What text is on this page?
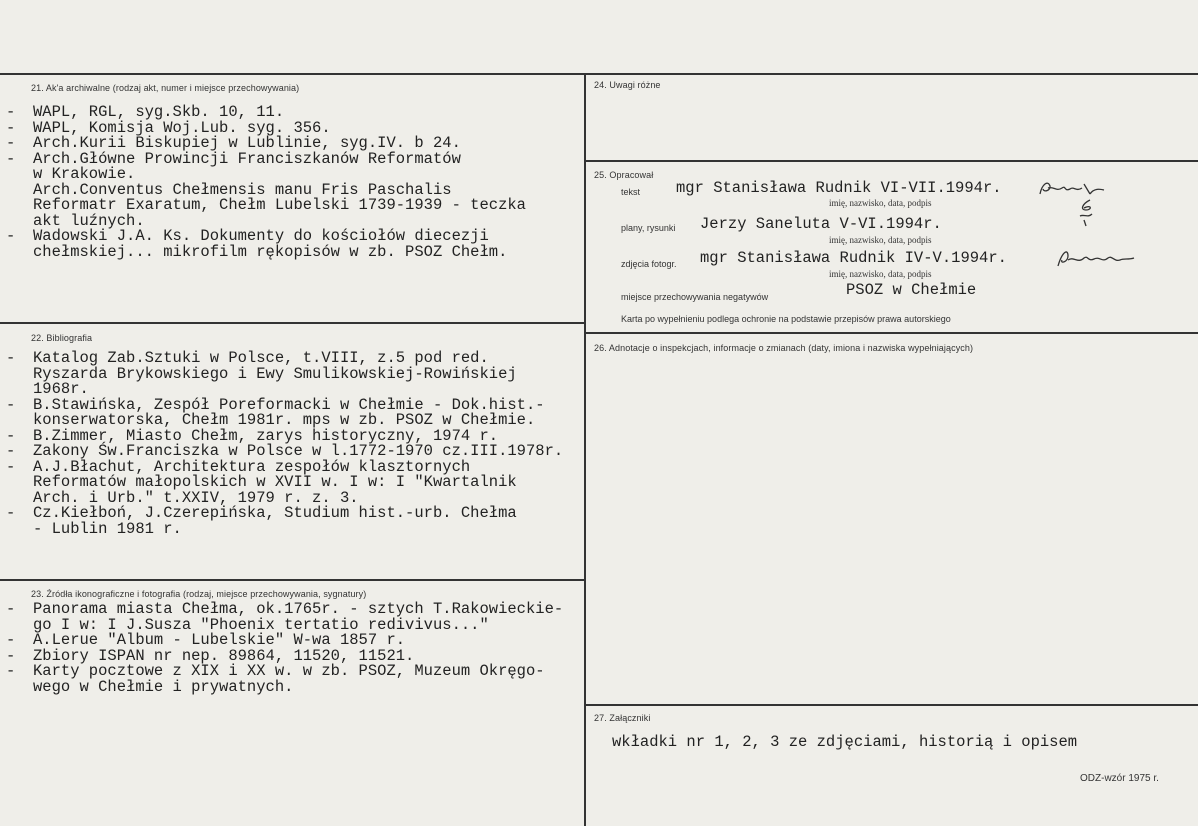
21. Ak'a archiwalne (rodzaj akt, numer i miejsce przechowywania)
-	WAPL, RGL, syg.Skb. 10, 11.
-	WAPL, Komisja Woj.Lub. syg. 356.
-	Arch.Kurii Biskupiej w Lublinie, syg.IV. b 24.
-	Arch.Główne Prowincji Franciszkanów Reformatów
w Krakowie.
Arch.Conventus Chełmensis manu Fris Paschalis
Reformatr Exaratum, Chełm Lubelski 1739-1939 - teczka
akt luźnych.
-	Wadowski J.A. Ks. Dokumenty do kościołów diecezji
chełmskiej... mikrofilm rękopisów w zb. PSOZ Chełm.
22. Bibliografia
-	Katalog Zab.Sztuki w Polsce, t.VIII, z.5 pod red.
Ryszarda Brykowskiego i Ewy Smulikowskiej-Rowińskiej
1968r.
-	B.Stawińska, Zespół Poreformacki w Chełmie - Dok.hist.-
konserwatorska, Chełm 1981r. mps w zb. PSOZ w Chełmie.
-	B.Zimmer, Miasto Chełm, zarys historyczny, 1974 r.
-	Zakony Św.Franciszka w Polsce w l.1772-1970 cz.III.1978r.
-	A.J.Błachut, Architektura zespołów klasztornych
Reformatów małopolskich w XVII w. I w: I "Kwartalnik
Arch. i Urb." t.XXIV, 1979 r. z. 3.
-	Cz.Kiełboń, J.Czerepińska, Studium hist.-urb. Chełma
- Lublin 1981 r.
23. Źródła ikonograficzne i fotografia (rodzaj, miejsce przechowywania, sygnatury)
-	Panorama miasta Chełma, ok.1765r. - sztych T.Rakowieckie-
go I w: I J.Susza "Phoenix tertatio redivivus..."
-	A.Lerue "Album - Lubelskie" W-wa 1857 r.
-	Zbiory ISPAN nr nep. 89864, 11520, 11521.
-	Karty pocztowe z XIX i XX w. w zb. PSOZ, Muzeum Okręgo-
wego w Chełmie i prywatnych.
24. Uwagi różne
25. Opracował
tekst mgr Stanisława Rudnik VI-VII.1994r.
imię, nazwisko, data, podpis
plany, rysunki Jerzy Saneluta V-VI.1994r.
imię, nazwisko, data, podpis
zdjęcia fotogr. mgr Stanisława Rudnik IV-V.1994r.
imię, nazwisko, data, podpis
miejsce przechowywania negatywów	PSOZ w Chełmie
Karta po wypełnieniu podlega ochronie na podstawie przepisów prawa autorskiego
26. Adnotacje o inspekcjach, informacje o zmianach (daty, imiona i nazwiska wypełniających)
27. Załączniki
wkładki nr 1, 2, 3 ze zdjęciami, historią i opisem
ODZ-wzór 1975 r.
